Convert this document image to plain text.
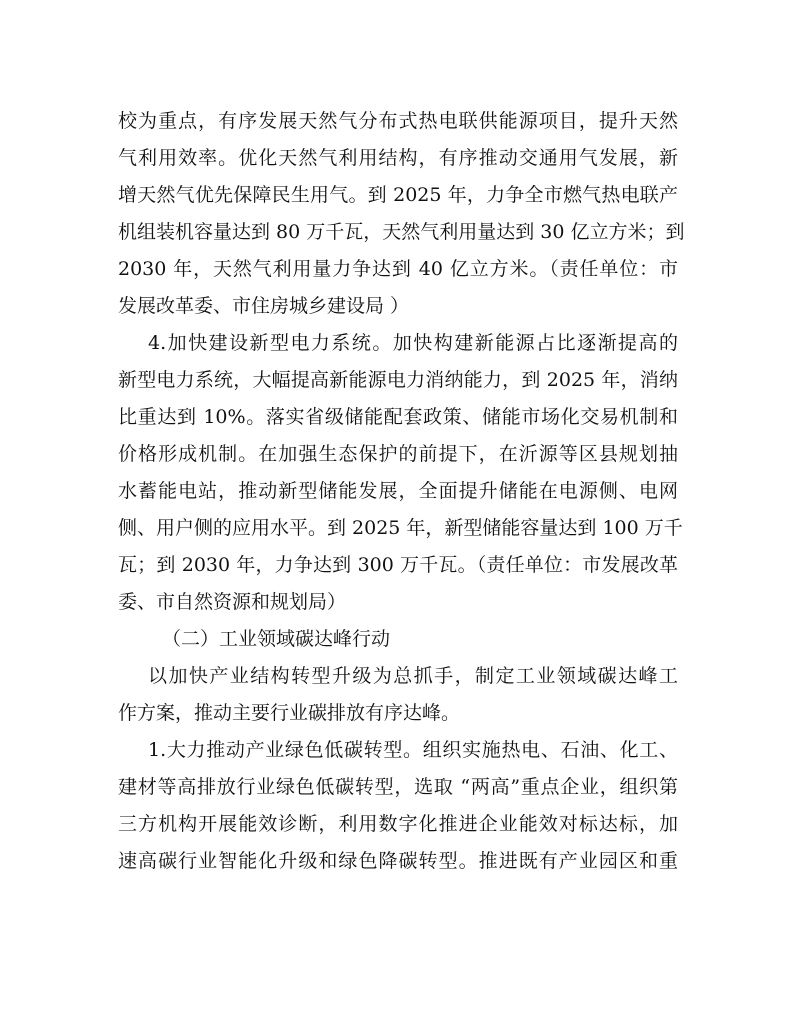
校为重点，有序发展天然气分布式热电联供能源项目，提升天然
气利用效率。优化天然气利用结构，有序推动交通用气发展，新
增天然气优先保障民生用气。到 2025 年，力争全市燃气热电联产
机组装机容量达到 80 万千瓦，天然气利用量达到 30 亿立方米；到
2030 年，天然气利用量力争达到 40 亿立方米。（责任单位：市
发展改革委、市住房城乡建设局 ）
4.加快建设新型电力系统。加快构建新能源占比逐渐提高的
新型电力系统，大幅提高新能源电力消纳能力，到 2025 年，消纳
比重达到 10%。落实省级储能配套政策、储能市场化交易机制和
价格形成机制。在加强生态保护的前提下，在沂源等区县规划抽
水蓄能电站，推动新型储能发展，全面提升储能在电源侧、电网
侧、用户侧的应用水平。到 2025 年，新型储能容量达到 100 万千
瓦；到 2030 年，力争达到 300 万千瓦。（责任单位：市发展改革
委、市自然资源和规划局）
（二）工业领域碳达峰行动
以加快产业结构转型升级为总抓手，制定工业领域碳达峰工
作方案，推动主要行业碳排放有序达峰。
1.大力推动产业绿色低碳转型。组织实施热电、石油、化工、
建材等高排放行业绿色低碳转型，选取 “两高”重点企业，组织第
三方机构开展能效诊断，利用数字化推进企业能效对标达标，加
速高碳行业智能化升级和绿色降碳转型。推进既有产业园区和重
